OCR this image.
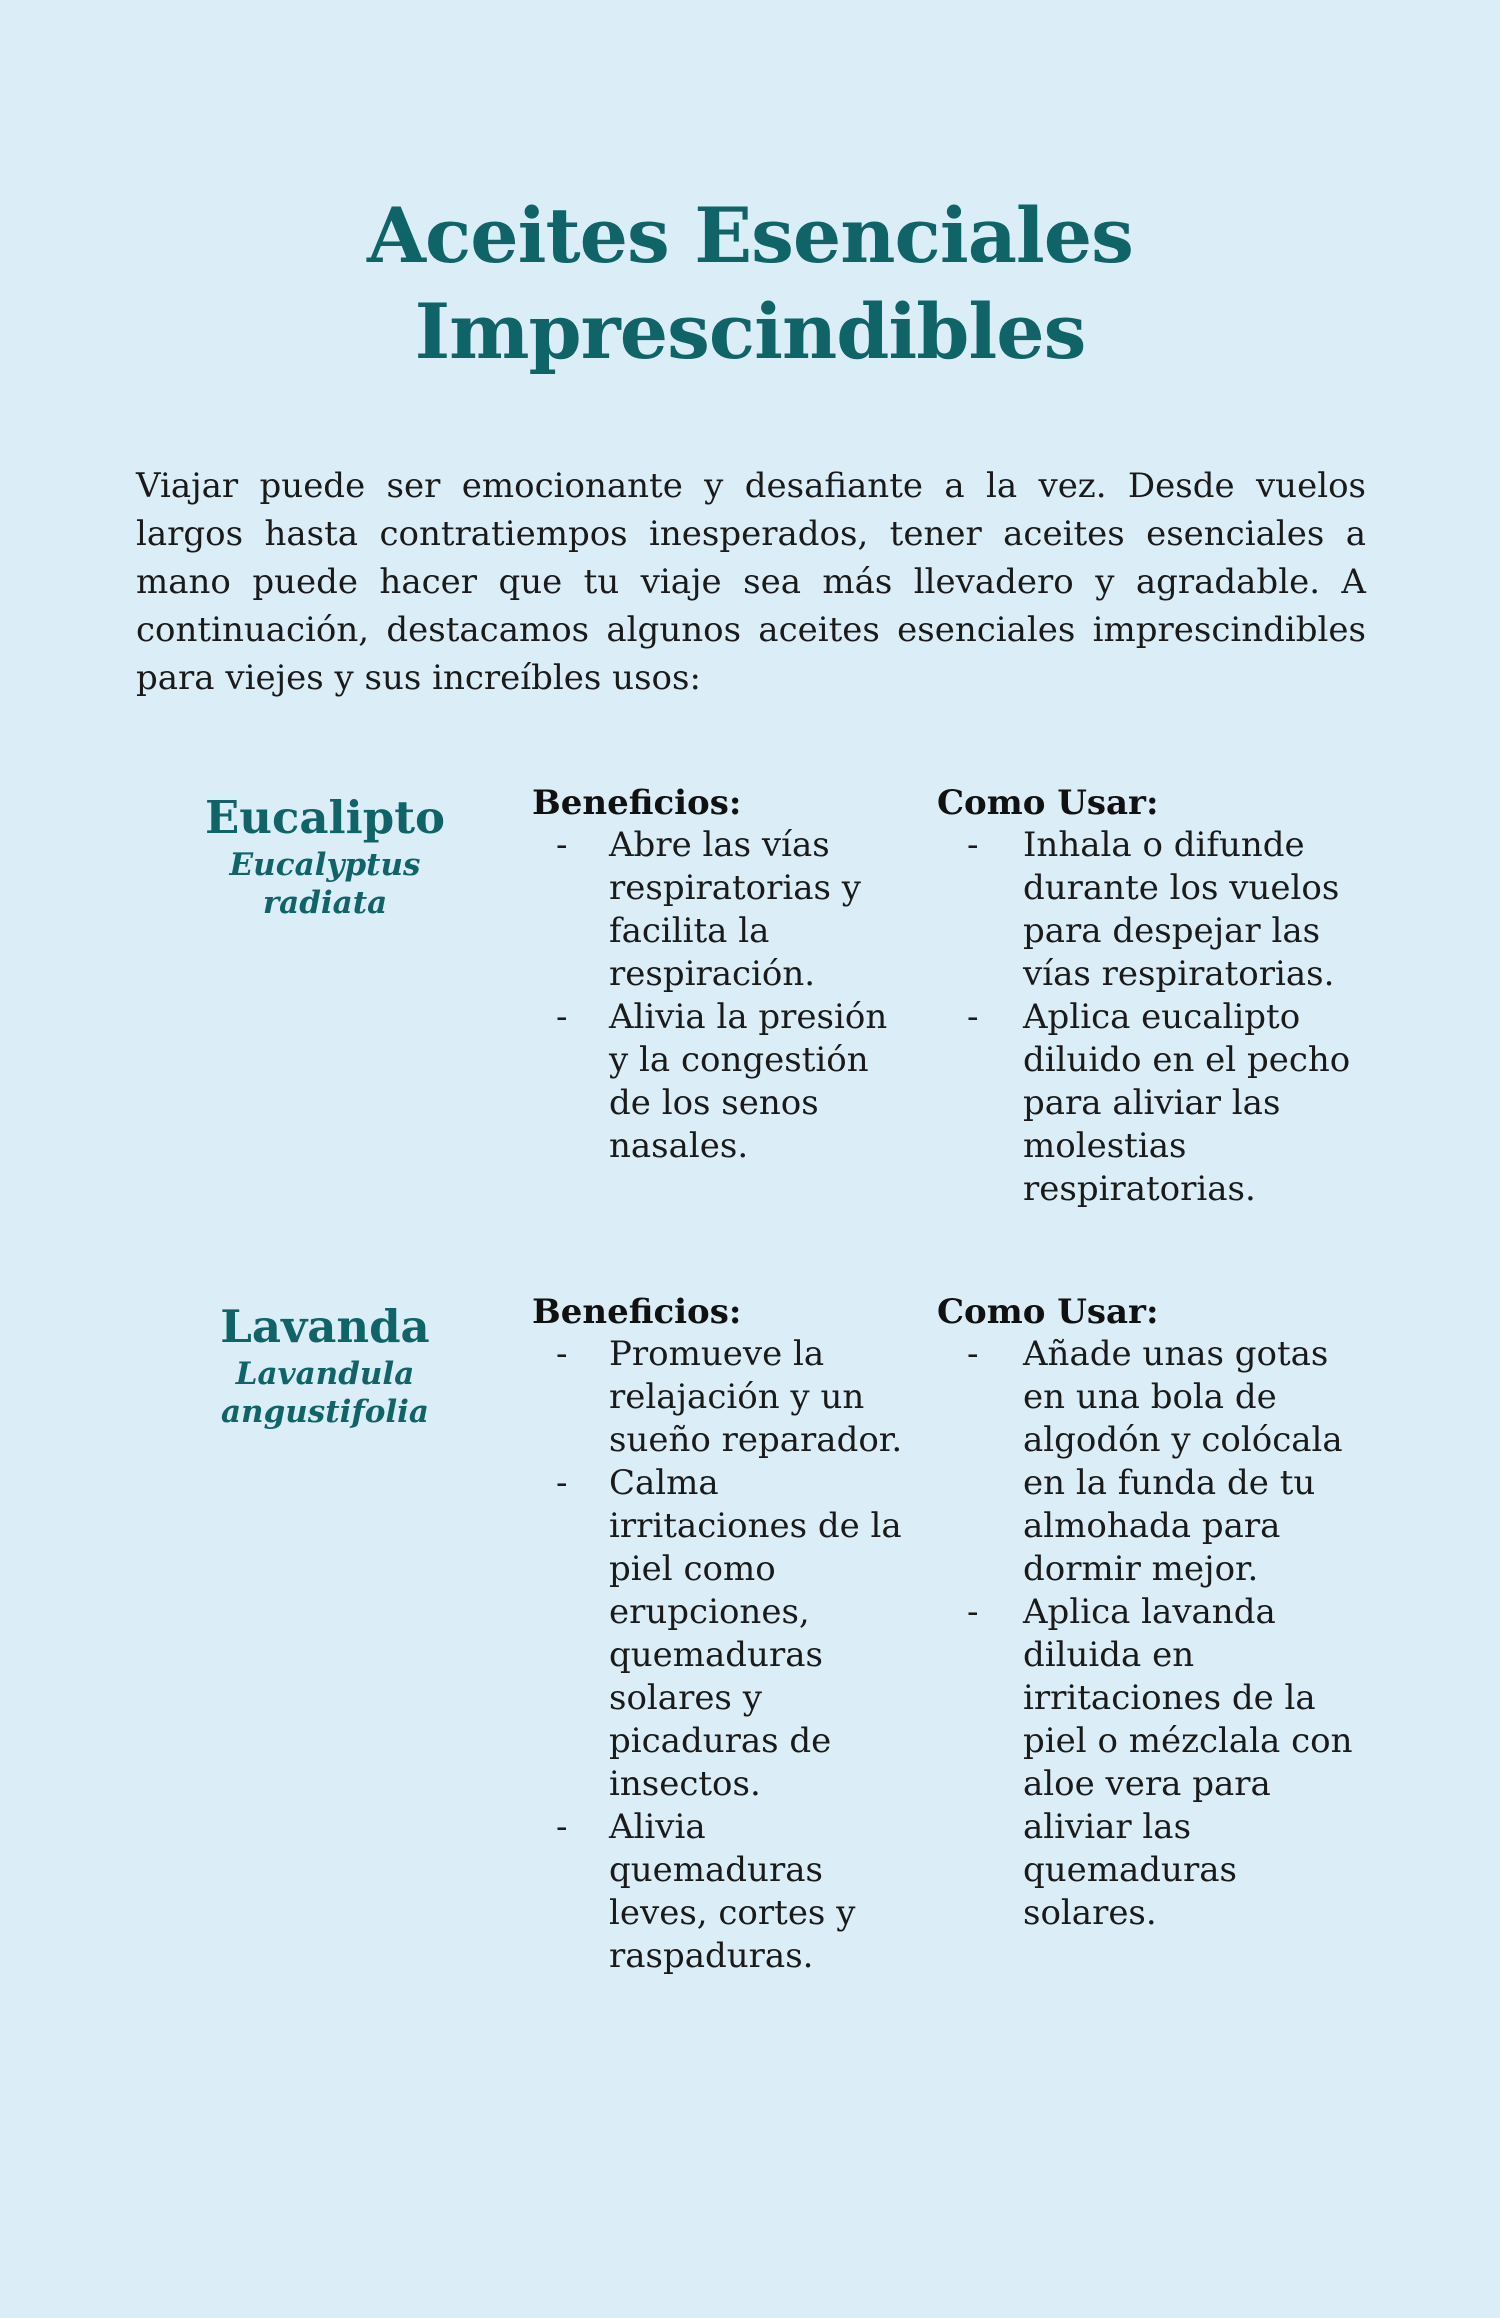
Aceites Esenciales
Imprescindibles

Viajar puede ser emocionante y desafiante a la vez. Desde vuelos largos hasta contratiempos inesperados, tener aceites esenciales a mano puede hacer que tu viaje sea más llevadero y agradable. A continuación, destacamos algunos aceites esenciales imprescindibles para viejes y sus increíbles usos:

Eucalipto
Eucalyptus radiata
Beneficios:
- Abre las vías respiratorias y facilita la respiración.
- Alivia la presión y la congestión de los senos nasales.
Como Usar:
- Inhala o difunde durante los vuelos para despejar las vías respiratorias.
- Aplica eucalipto diluido en el pecho para aliviar las molestias respiratorias.
Lavanda
Lavandula angustifolia
Beneficios:
- Promueve la relajación y un sueño reparador.
- Calma irritaciones de la piel como erupciones, quemaduras solares y picaduras de insectos.
- Alivia quemaduras leves, cortes y raspaduras.
Como Usar:
- Añade unas gotas en una bola de algodón y colócala en la funda de tu almohada para dormir mejor.
- Aplica lavanda diluida en irritaciones de la piel o mézclala con aloe vera para aliviar las quemaduras solares.
